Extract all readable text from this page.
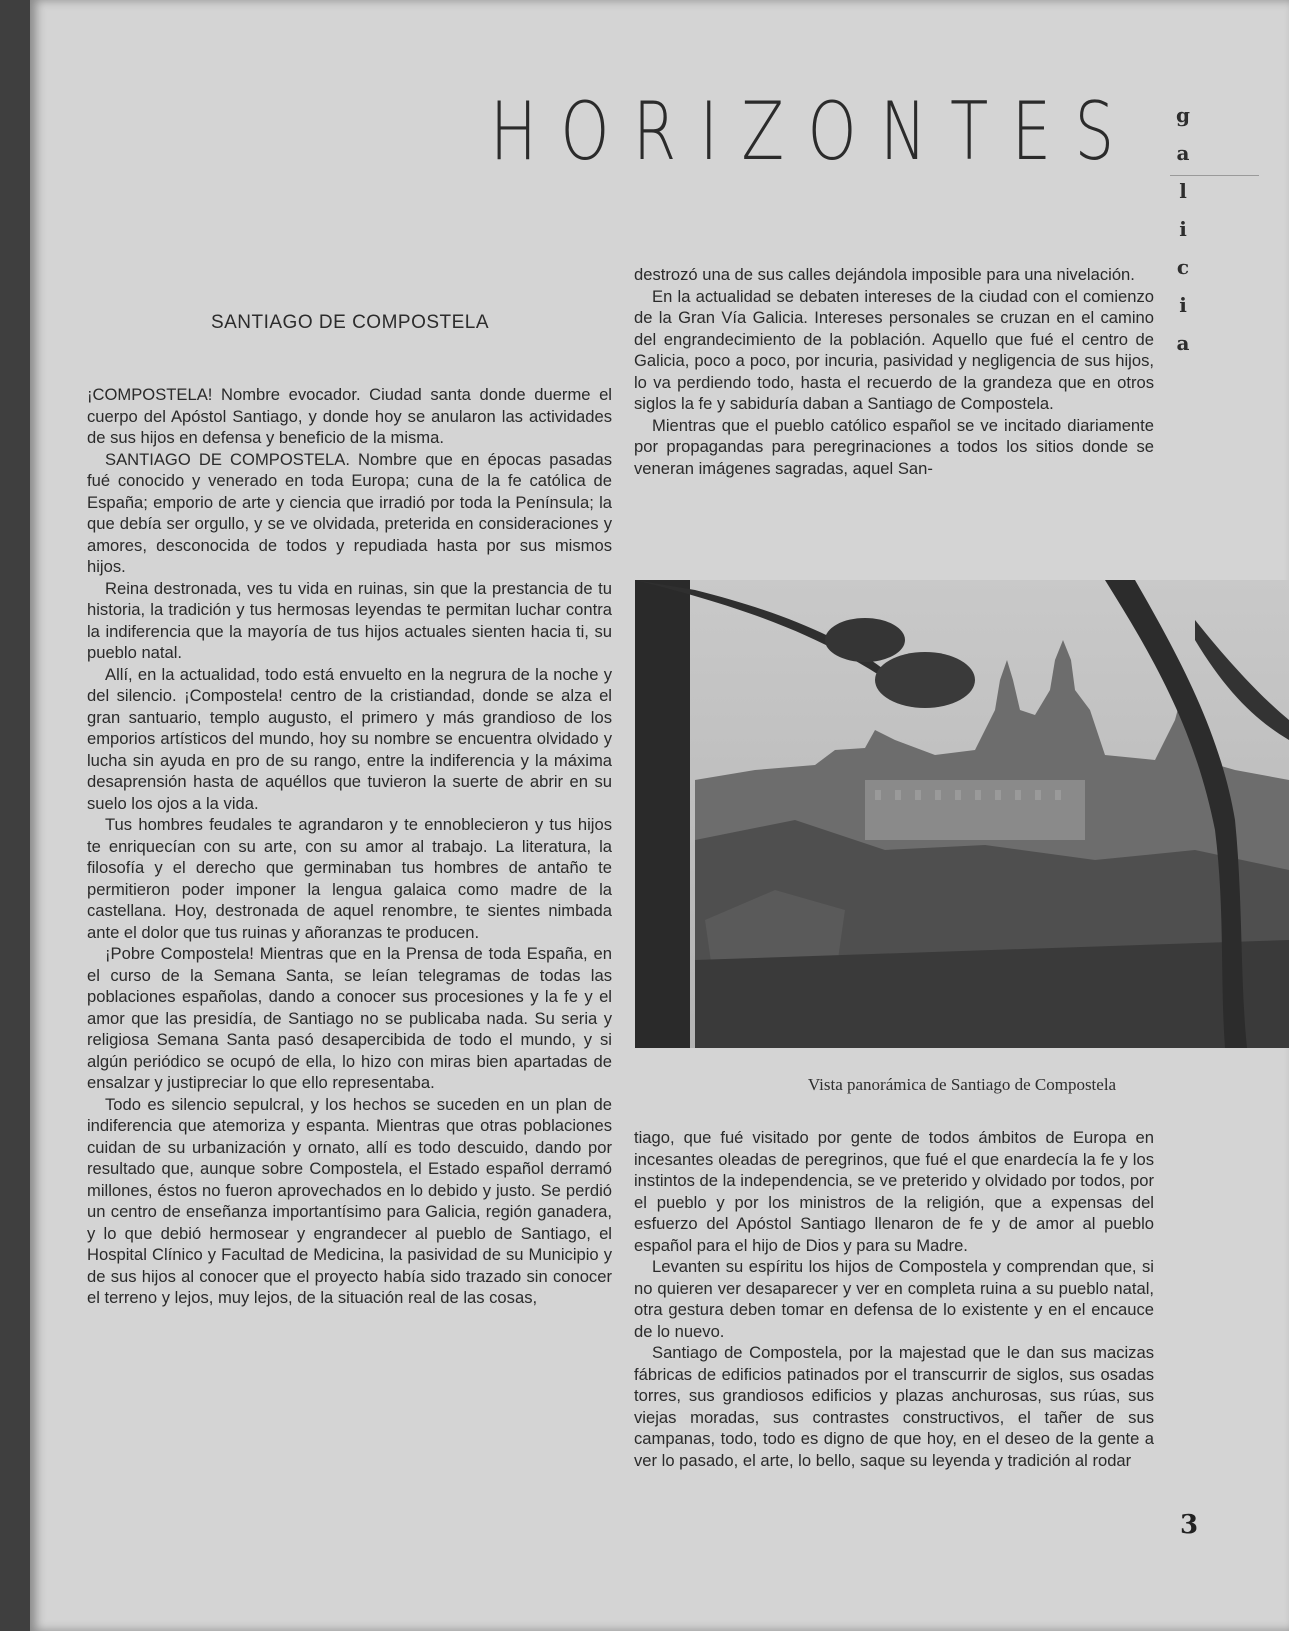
HORIZONTES	g
a
l
i
c
i
a
SANTIAGO DE COMPOSTELA

¡COMPOSTELA! Nombre evocador. Ciudad santa donde duerme el cuerpo del Apóstol Santiago, y donde hoy se anularon las actividades de sus hijos en defensa y beneficio de la misma.

SANTIAGO DE COMPOSTELA. Nombre que en épocas pasadas fué conocido y venerado en toda Europa; cuna de la fe católica de España; emporio de arte y ciencia que irradió por toda la Península; la que debía ser orgullo, y se ve olvidada, preterida en consideraciones y amores, desconocida de todos y repudiada hasta por sus mismos hijos.

Reina destronada, ves tu vida en ruinas, sin que la prestancia de tu historia, la tradición y tus hermosas leyendas te permitan luchar contra la indiferencia que la mayoría de tus hijos actuales sienten hacia ti, su pueblo natal.

Allí, en la actualidad, todo está envuelto en la negrura de la noche y del silencio. ¡Compostela! centro de la cristiandad, donde se alza el gran santuario, templo augusto, el primero y más grandioso de los emporios artísticos del mundo, hoy su nombre se encuentra olvidado y lucha sin ayuda en pro de su rango, entre la indiferencia y la máxima desaprensión hasta de aquéllos que tuvieron la suerte de abrir en su suelo los ojos a la vida.

Tus hombres feudales te agrandaron y te ennoblecieron y tus hijos te enriquecían con su arte, con su amor al trabajo. La literatura, la filosofía y el derecho que germinaban tus hombres de antaño te permitieron poder imponer la lengua galaica como madre de la castellana. Hoy, destronada de aquel renombre, te sientes nimbada ante el dolor que tus ruinas y añoranzas te producen.

¡Pobre Compostela! Mientras que en la Prensa de toda España, en el curso de la Semana Santa, se leían telegramas de todas las poblaciones españolas, dando a conocer sus procesiones y la fe y el amor que las presidía, de Santiago no se publicaba nada. Su seria y religiosa Semana Santa pasó desapercibida de todo el mundo, y si algún periódico se ocupó de ella, lo hizo con miras bien apartadas de ensalzar y justipreciar lo que ello representaba.

Todo es silencio sepulcral, y los hechos se suceden en un plan de indiferencia que atemoriza y espanta. Mientras que otras poblaciones cuidan de su urbanización y ornato, allí es todo descuido, dando por resultado que, aunque sobre Compostela, el Estado español derramó millones, éstos no fueron aprovechados en lo debido y justo. Se perdió un centro de enseñanza importantísimo para Galicia, región ganadera, y lo que debió hermosear y engrandecer al pueblo de Santiago, el Hospital Clínico y Facultad de Medicina, la pasividad de su Municipio y de sus hijos al conocer que el proyecto había sido trazado sin conocer el terreno y lejos, muy lejos, de la situación real de las cosas,

destrozó una de sus calles dejándola imposible para una nivelación.

En la actualidad se debaten intereses de la ciudad con el comienzo de la Gran Vía Galicia. Intereses personales se cruzan en el camino del engrandecimiento de la población. Aquello que fué el centro de Galicia, poco a poco, por incuria, pasividad y negligencia de sus hijos, lo va perdiendo todo, hasta el recuerdo de la grandeza que en otros siglos la fe y sabiduría daban a Santiago de Compostela.

Mientras que el pueblo católico español se ve incitado diariamente por propagandas para peregrinaciones a todos los sitios donde se veneran imágenes sagradas, aquel San-

Vista panorámica de Santiago de Compostela

tiago, que fué visitado por gente de todos ámbitos de Europa en incesantes oleadas de peregrinos, que fué el que enardecía la fe y los instintos de la independencia, se ve preterido y olvidado por todos, por el pueblo y por los ministros de la religión, que a expensas del esfuerzo del Apóstol Santiago llenaron de fe y de amor al pueblo español para el hijo de Dios y para su Madre.

Levanten su espíritu los hijos de Compostela y comprendan que, si no quieren ver desaparecer y ver en completa ruina a su pueblo natal, otra gestura deben tomar en defensa de lo existente y en el encauce de lo nuevo.

Santiago de Compostela, por la majestad que le dan sus macizas fábricas de edificios patinados por el transcurrir de siglos, sus osadas torres, sus grandiosos edificios y plazas anchurosas, sus rúas, sus viejas moradas, sus contrastes constructivos, el tañer de sus campanas, todo, todo es digno de que hoy, en el deseo de la gente a ver lo pasado, el arte, lo bello, saque su leyenda y tradición al rodar

3
